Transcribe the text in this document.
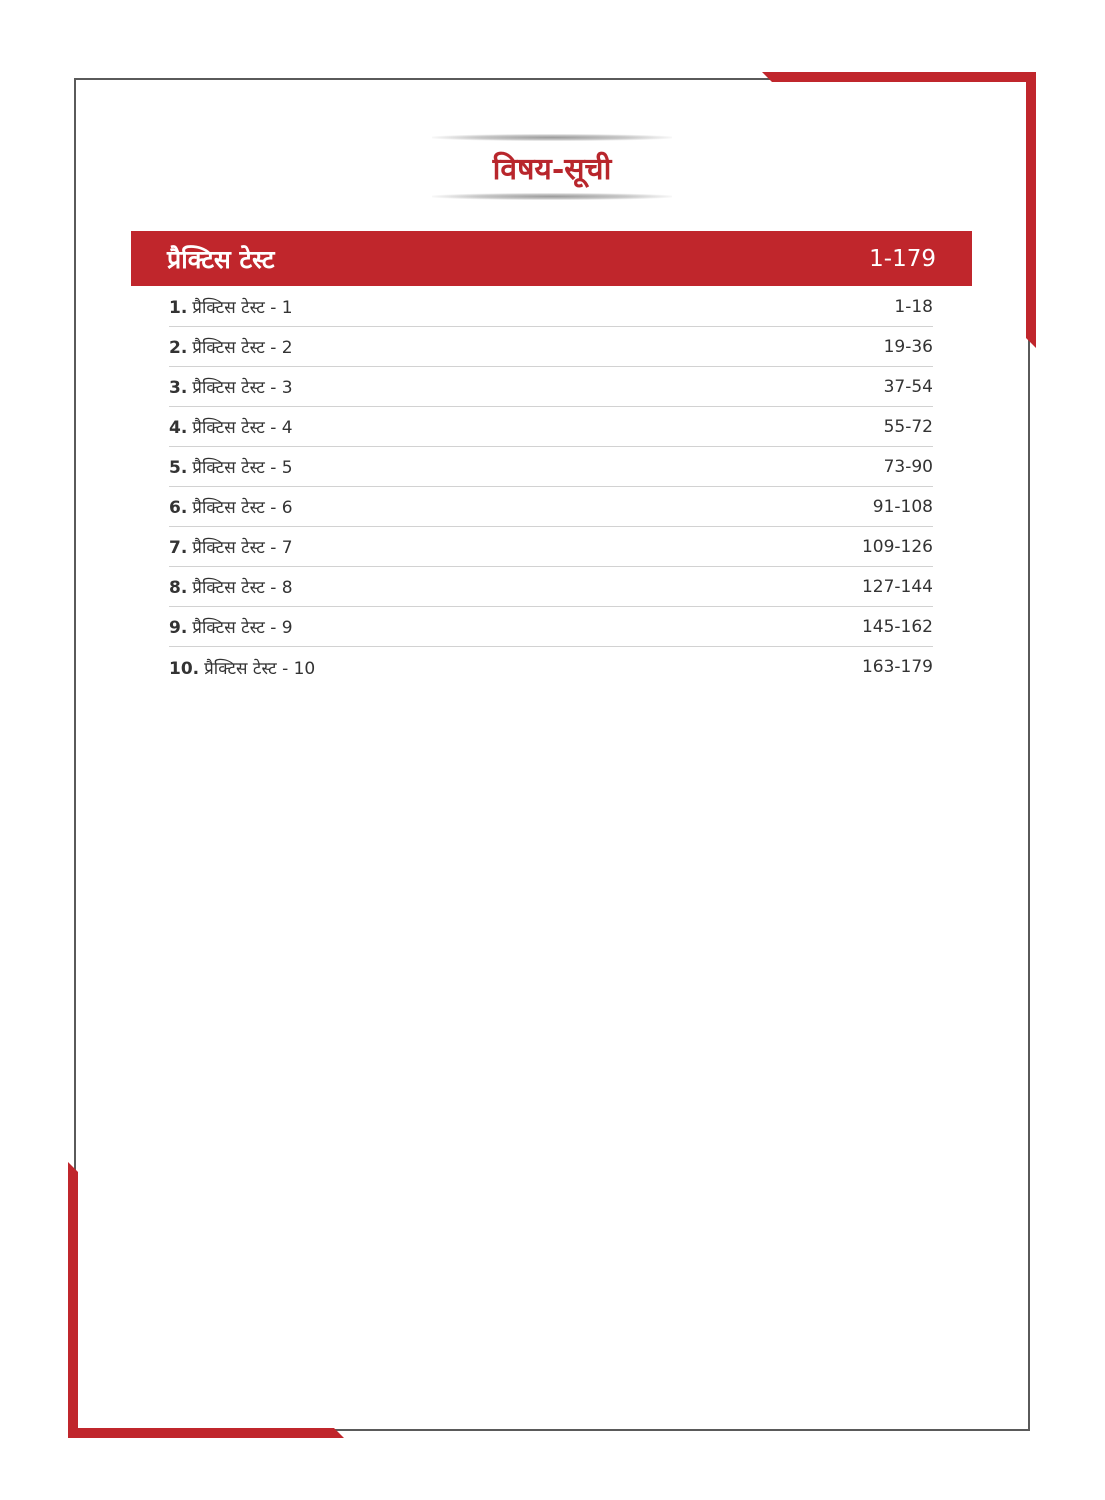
विषय-सूची
प्रैक्टिस टेस्ट	1-179
1. प्रैक्टिस टेस्ट - 1	1-18
2. प्रैक्टिस टेस्ट - 2	19-36
3. प्रैक्टिस टेस्ट - 3	37-54
4. प्रैक्टिस टेस्ट - 4	55-72
5. प्रैक्टिस टेस्ट - 5	73-90
6. प्रैक्टिस टेस्ट - 6	91-108
7. प्रैक्टिस टेस्ट - 7	109-126
8. प्रैक्टिस टेस्ट - 8	127-144
9. प्रैक्टिस टेस्ट - 9	145-162
10. प्रैक्टिस टेस्ट - 10	163-179
